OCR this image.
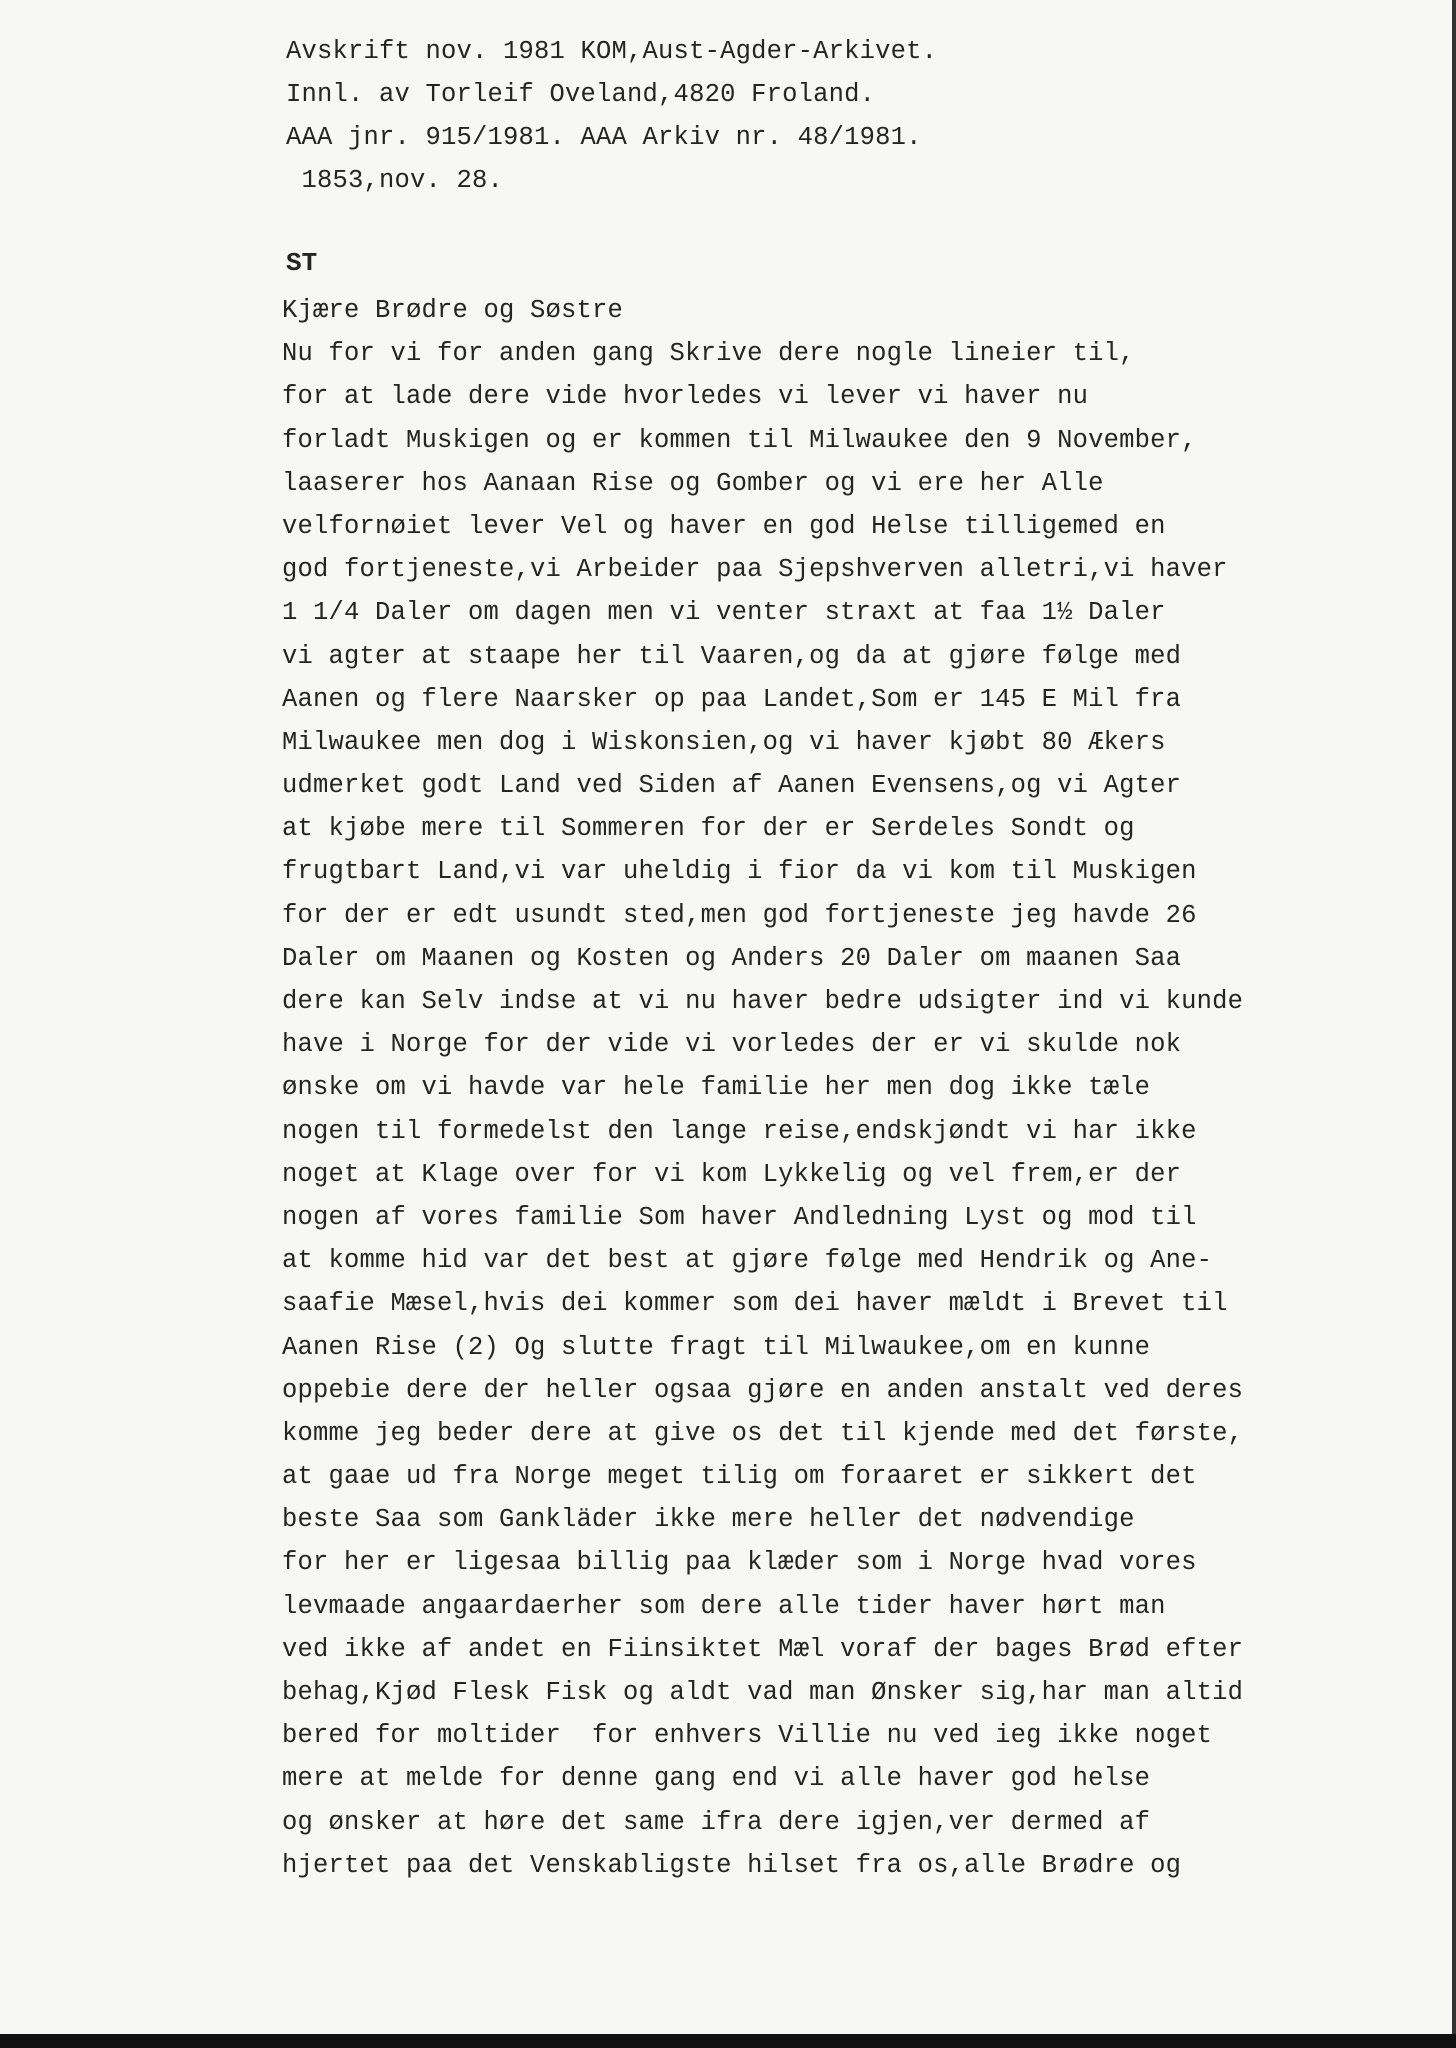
Avskrift nov. 1981 KOM,Aust-Agder-Arkivet.
Innl. av Torleif Oveland,4820 Froland.
AAA jnr. 915/1981. AAA Arkiv nr. 48/1981.
1853,nov. 28.
ST
Kjære Brødre og Søstre
Nu for vi for anden gang Skrive dere nogle lineier til,
for at lade dere vide hvorledes vi lever vi haver nu
forladt Muskigen og er kommen til Milwaukee den 9 November,
laaserer hos Aanaan Rise og Gomber og vi ere her Alle
velfornøiet lever Vel og haver en god Helse tilligemed en
god fortjeneste,vi Arbeider paa Sjepshverven alletri,vi haver
1 1/4 Daler om dagen men vi venter straxt at faa 1½ Daler
vi agter at staape her til Vaaren,og da at gjøre følge med
Aanen og flere Naarsker op paa Landet,Som er 145 E Mil fra
Milwaukee men dog i Wiskonsien,og vi haver kjøbt 80 Ækers
udmerket godt Land ved Siden af Aanen Evensens,og vi Agter
at kjøbe mere til Sommeren for der er Serdeles Sondt og
frugtbart Land,vi var uheldig i fior da vi kom til Muskigen
for der er edt usundt sted,men god fortjeneste jeg havde 26
Daler om Maanen og Kosten og Anders 20 Daler om maanen Saa
dere kan Selv indse at vi nu haver bedre udsigter ind vi kunde
have i Norge for der vide vi vorledes der er vi skulde nok
ønske om vi havde var hele familie her men dog ikke tæle
nogen til formedelst den lange reise,endskjøndt vi har ikke
noget at Klage over for vi kom Lykkelig og vel frem,er der
nogen af vores familie Som haver Andledning Lyst og mod til
at komme hid var det best at gjøre følge med Hendrik og Ane-
saafie Mæsel,hvis dei kommer som dei haver mældt i Brevet til
Aanen Rise (2) Og slutte fragt til Milwaukee,om en kunne
oppebie dere der heller ogsaa gjøre en anden anstalt ved deres
komme jeg beder dere at give os det til kjende med det første,
at gaae ud fra Norge meget tilig om foraaret er sikkert det
beste Saa som Gankläder ikke mere heller det nødvendige
for her er ligesaa billig paa klæder som i Norge hvad vores
levmaade angaardaerher som dere alle tider haver hørt man
ved ikke af andet en Fiinsiktet Mæl voraf der bages Brød efter
behag,Kjød Flesk Fisk og aldt vad man Ønsker sig,har man altid
bered for moltider  for enhvers Villie nu ved ieg ikke noget
mere at melde for denne gang end vi alle haver god helse
og ønsker at høre det same ifra dere igjen,ver dermed af
hjertet paa det Venskabligste hilset fra os,alle Brødre og
